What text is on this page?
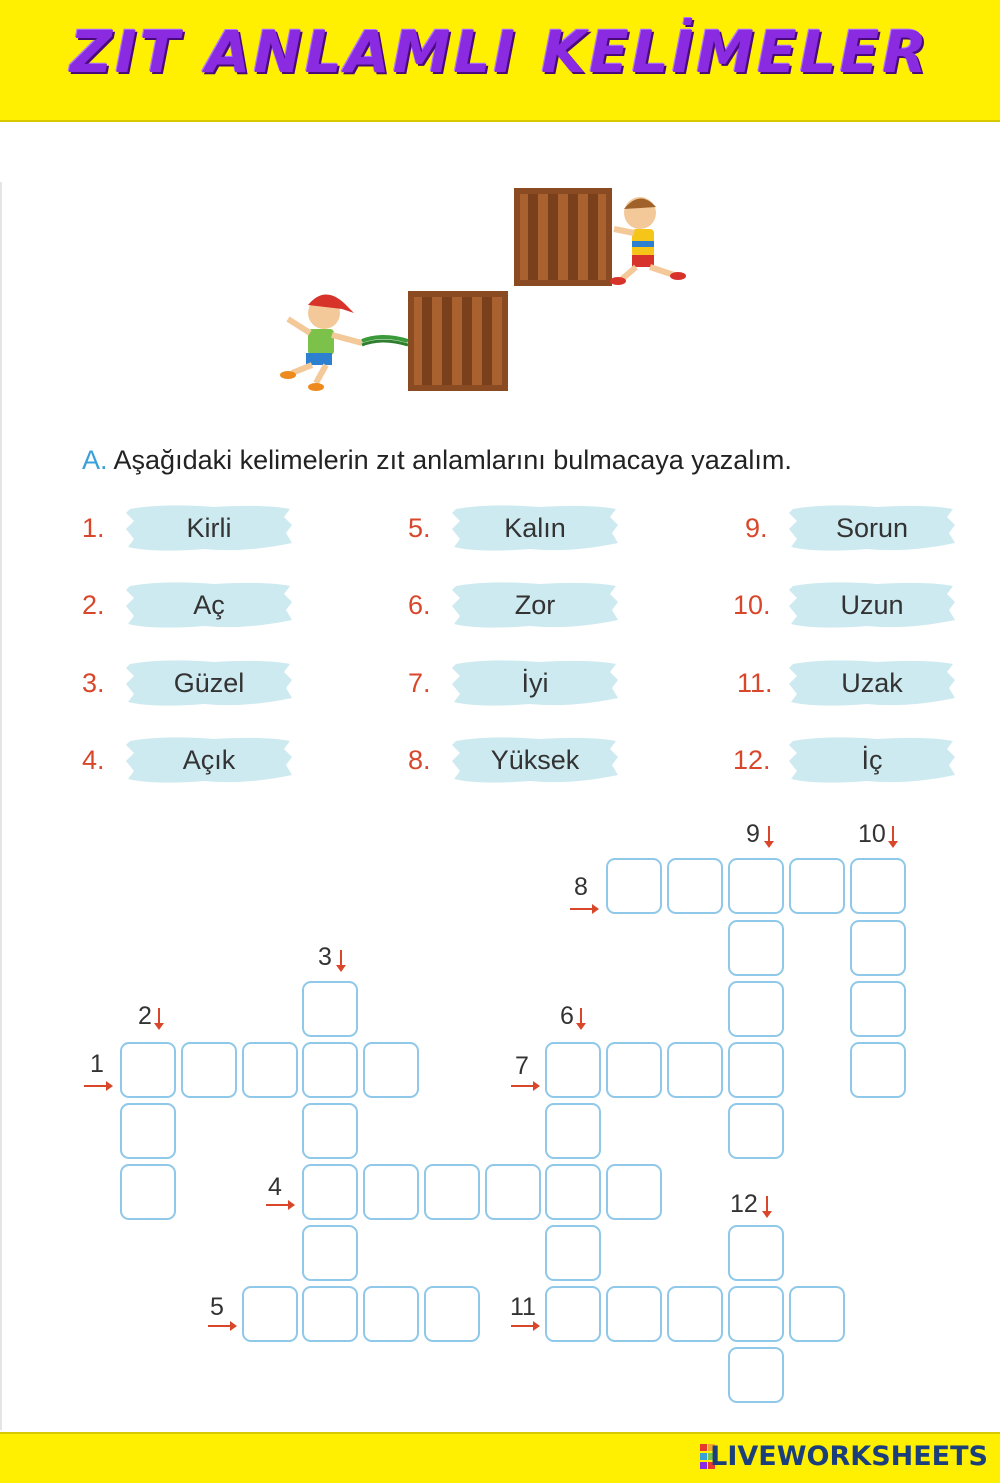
ZIT ANLAMLI KELİMELER
A. Aşağıdaki kelimelerin zıt anlamlarını bulmacaya yazalım.
1.	Kirli
2.	Aç
3.	Güzel
4.	Açık
5.	Kalın
6.	Zor
7.	İyi
8.	Yüksek
9.	Sorun
10.	Uzun
11.	Uzak
12.	İç
1
2
3
4
5
6
7
8
9	10
11
12
LIVEWORKSHEETS
